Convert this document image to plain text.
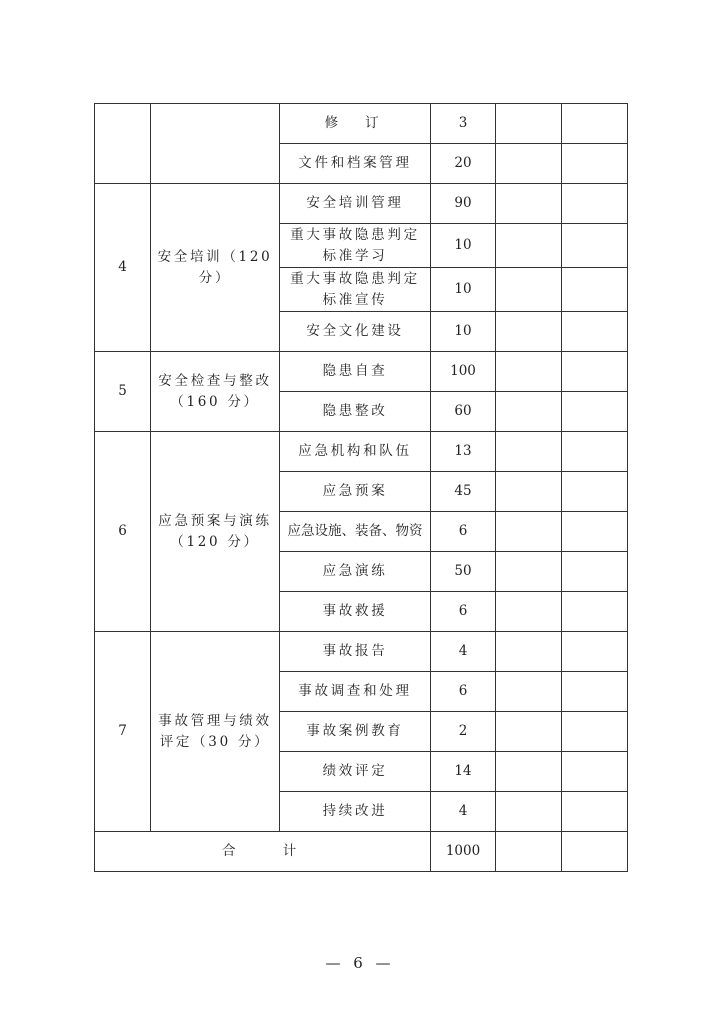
		修　订	3		
		文件和档案管理	20		
4	安全培训（120 分）	安全培训管理	90		
		重大事故隐患判定标准学习	10		
		重大事故隐患判定标准宣传	10		
		安全文化建设	10		
5	安全检查与整改（160 分）	隐患自查	100		
		隐患整改	60		
6	应急预案与演练（120 分）	应急机构和队伍	13		
		应急预案	45		
		应急设施、装备、物资	6		
		应急演练	50		
		事故救援	6		
7	事故管理与绩效评定（30 分）	事故报告	4		
		事故调查和处理	6		
		事故案例教育	2		
		绩效评定	14		
		持续改进	4		
合　　计			1000		
— 6 —
